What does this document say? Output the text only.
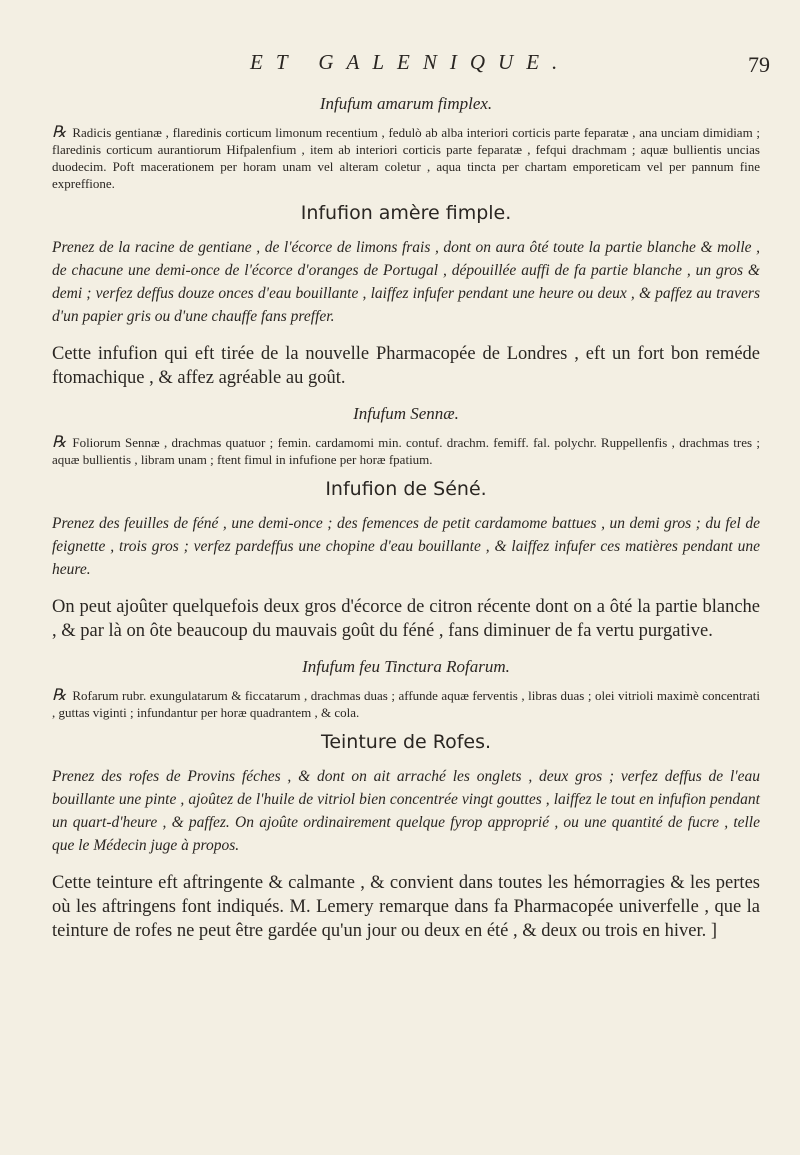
ET GALENIQUE.	79

Infufum amarum fimplex.

℞ Radicis gentianæ , flaredinis corticum limonum recentium , fedulò ab alba interiori corticis parte feparatæ , ana unciam dimidiam ; flaredinis corticum aurantiorum Hifpalenfium , item ab interiori corticis parte feparatæ , fefqui drachmam ; aquæ bullientis uncias duodecim. Poft macerationem per horam unam vel alteram coletur , aqua tincta per chartam emporeticam vel per pannum fine expreffione.

Infufion amère fimple.

Prenez de la racine de gentiane , de l'écorce de limons frais , dont on aura ôté toute la partie blanche & molle , de chacune une demi-once de l'écorce d'oranges de Portugal , dépouillée auffi de fa partie blanche , un gros & demi ; verfez deffus douze onces d'eau bouillante , laiffez infufer pendant une heure ou deux , & paffez au travers d'un papier gris ou d'une chauffe fans preffer.

Cette infufion qui eft tirée de la nouvelle Pharmacopée de Londres , eft un fort bon reméde ftomachique , & affez agréable au goût.

Infufum Sennæ.

℞ Foliorum Sennæ , drachmas quatuor ; femin. cardamomi min. contuf. drachm. femiff. fal. polychr. Ruppellenfis , drachmas tres ; aquæ bullientis , libram unam ; ftent fimul in infufione per horæ fpatium.

Infufion de Séné.

Prenez des feuilles de féné , une demi-once ; des femences de petit cardamome battues , un demi gros ; du fel de feignette , trois gros ; verfez pardeffus une chopine d'eau bouillante , & laiffez infufer ces matières pendant une heure.

On peut ajoûter quelquefois deux gros d'écorce de citron récente dont on a ôté la partie blanche , & par là on ôte beaucoup du mauvais goût du féné , fans diminuer de fa vertu purgative.

Infufum feu Tinctura Rofarum.

℞ Rofarum rubr. exungulatarum & ficcatarum , drachmas duas ; affunde aquæ ferventis , libras duas ; olei vitrioli maximè concentrati , guttas viginti ; infundantur per horæ quadrantem , & cola.

Teinture de Rofes.

Prenez des rofes de Provins féches , & dont on ait arraché les onglets , deux gros ; verfez deffus de l'eau bouillante une pinte , ajoûtez de l'huile de vitriol bien concentrée vingt gouttes , laiffez le tout en infufion pendant un quart-d'heure , & paffez. On ajoûte ordinairement quelque fyrop approprié , ou une quantité de fucre , telle que le Médecin juge à propos.

Cette teinture eft aftringente & calmante , & convient dans toutes les hémorragies & les pertes où les aftringens font indiqués. M. Lemery remarque dans fa Pharmacopée univerfelle , que la teinture de rofes ne peut être gardée qu'un jour ou deux en été , & deux ou trois en hiver. ]
